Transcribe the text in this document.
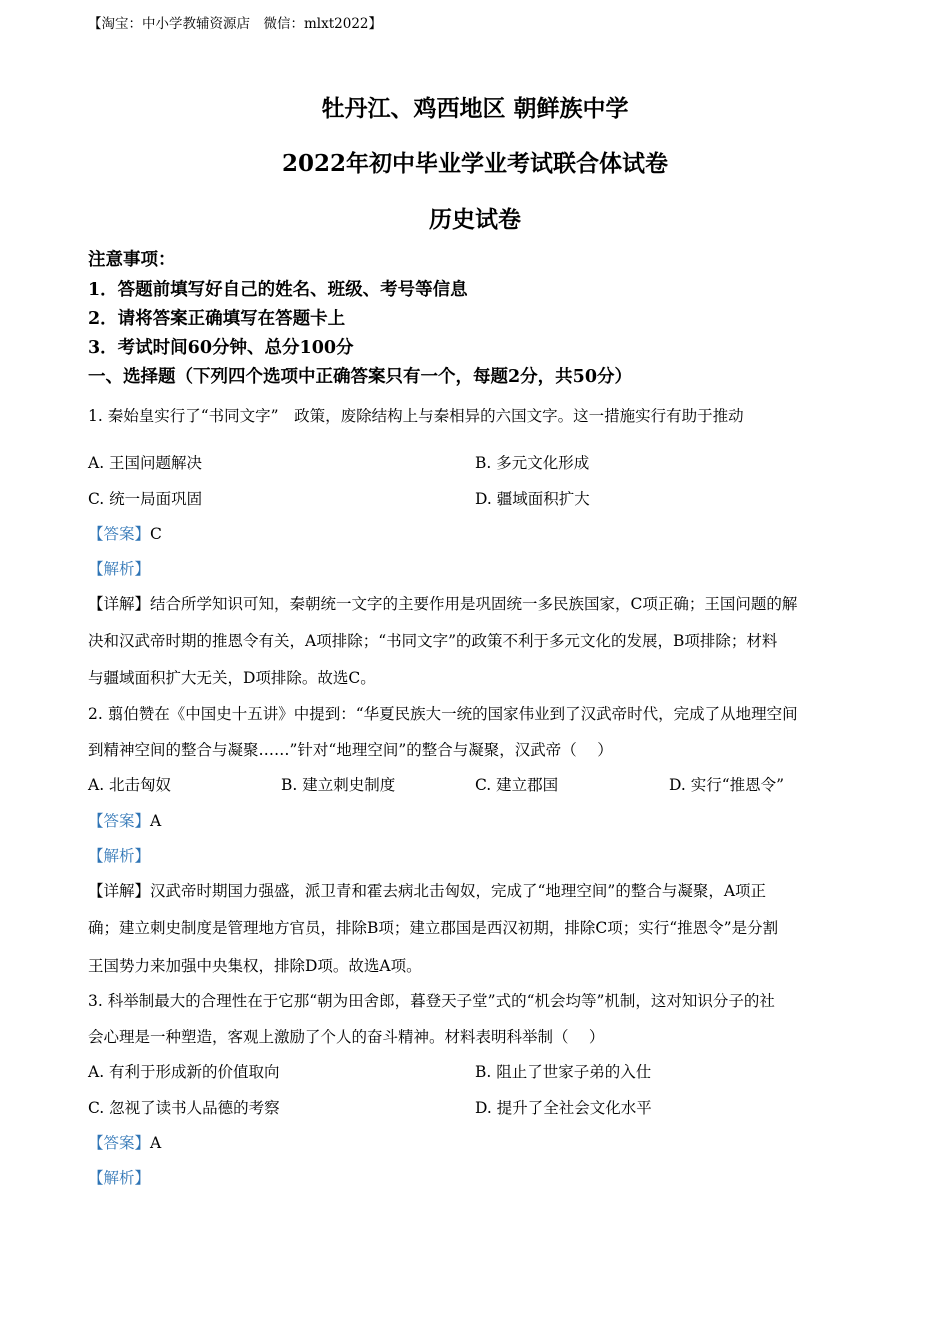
【淘宝：中小学教辅资源店　微信：mlxt2022】
牡丹江、鸡西地区 朝鲜族中学
2022年初中毕业学业考试联合体试卷
历史试卷
注意事项：
1．答题前填写好自己的姓名、班级、考号等信息
2．请将答案正确填写在答题卡上
3．考试时间60分钟、总分100分
一、选择题（下列四个选项中正确答案只有一个，每题2分，共50分）
1. 秦始皇实行了“书同文字”　政策，废除结构上与秦相异的六国文字。这一措施实行有助于推动
A. 王国问题解决	B. 多元文化形成
C. 统一局面巩固	D. 疆域面积扩大
【答案】C
【解析】
【详解】结合所学知识可知，秦朝统一文字的主要作用是巩固统一多民族国家，C项正确；王国问题的解
决和汉武帝时期的推恩令有关，A项排除；“书同文字”的政策不利于多元文化的发展，B项排除；材料
与疆域面积扩大无关，D项排除。故选C。
2. 翦伯赞在《中国史十五讲》中提到：“华夏民族大一统的国家伟业到了汉武帝时代，完成了从地理空间
到精神空间的整合与凝聚……”针对“地理空间”的整合与凝聚，汉武帝（　 ）
A. 北击匈奴	B. 建立刺史制度	C. 建立郡国	D. 实行“推恩令”
【答案】A
【解析】
【详解】汉武帝时期国力强盛，派卫青和霍去病北击匈奴，完成了“地理空间”的整合与凝聚，A项正
确；建立刺史制度是管理地方官员，排除B项；建立郡国是西汉初期，排除C项；实行“推恩令”是分割
王国势力来加强中央集权，排除D项。故选A项。
3. 科举制最大的合理性在于它那“朝为田舍郎，暮登天子堂”式的“机会均等”机制，这对知识分子的社
会心理是一种塑造，客观上激励了个人的奋斗精神。材料表明科举制（　 ）
A. 有利于形成新的价值取向	B. 阻止了世家子弟的入仕
C. 忽视了读书人品德的考察	D. 提升了全社会文化水平
【答案】A
【解析】
